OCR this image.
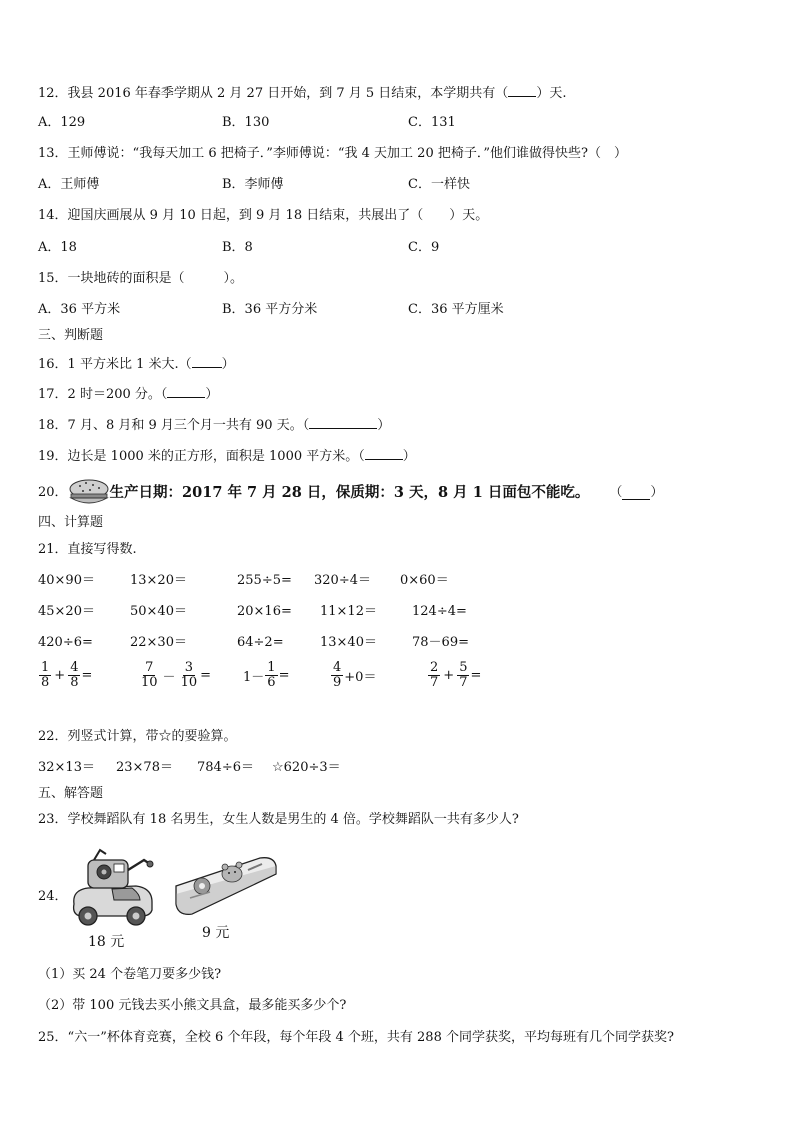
12．我县 2016 年春季学期从 2 月 27 日开始，到 7 月 5 日结束，本学期共有（ ）天.
A．129	B．130	C．131
13．王师傅说：“我每天加工 6 把椅子．”李师傅说：“我 4 天加工 20 把椅子．”他们谁做得快些?（　）
A．王师傅	B．李师傅	C．一样快
14．迎国庆画展从 9 月 10 日起，到 9 月 18 日结束，共展出了（　　）天。
A．18	B．8	C．9
15．一块地砖的面积是（　　　）。
A．36 平方米	B．36 平方分米	C．36 平方厘米
三、判断题
16．1 平方米比 1 米大.（ ）
17．2 时＝200 分。（	）
18．7 月、8 月和 9 月三个月一共有 90 天。（	）
19．边长是 1000 米的正方形，面积是 1000 平方米。（	）
20．	生产日期：2017 年 7 月 28 日，保质期：3 天，8 月 1 日面包不能吃。 （ ）
四、计算题
21．直接写得数.
40×90＝	13×20＝	255÷5= 320÷4＝ 0×60＝
45×20＝	50×40＝	20×16= 11×12＝	124÷4=
420÷6=	22×30＝	64÷2=	13×40＝	78－69=
$\frac{1}{8} + \frac{4}{8}$ =	$\frac{7}{10} - \frac{3}{10} = 1- \frac{1}{6}$ =	$\frac{4}{9} +0=$	$\frac{2}{7} + \frac{5}{7}$ =
22．列竖式计算，带☆的要验算。
32×13＝ 23×78＝ 784÷6＝ ☆620÷3＝
五、解答题
23．学校舞蹈队有 18 名男生，女生人数是男生的 4 倍。学校舞蹈队一共有多少人?
24．
18 元
9 元
（1）买 24 个卷笔刀要多少钱?
（2）带 100 元钱去买小熊文具盒，最多能买多少个?
25．“六一”杯体育竞赛，全校 6 个年段，每个年段 4 个班，共有 288 个同学获奖，平均每班有几个同学获奖?
